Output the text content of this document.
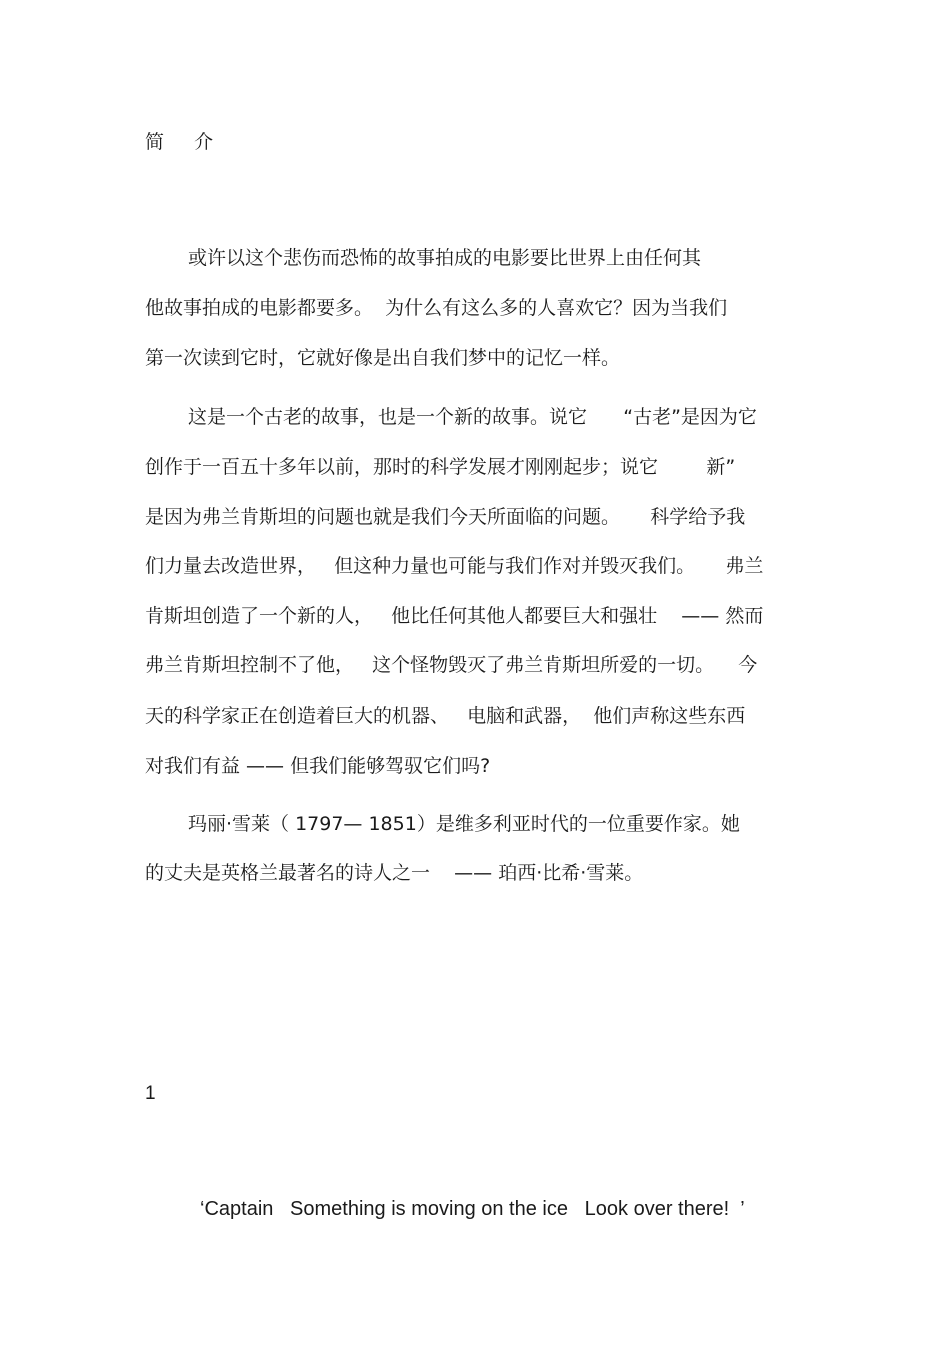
简  介
或许以这个悲伤而恐怖的故事拍成的电影要比世界上由任何其
他故事拍成的电影都要多。  为什么有这么多的人喜欢它？因为当我们
第一次读到它时，它就好像是出自我们梦中的记忆一样。
这是一个古老的故事，也是一个新的故事。说它      “古老”是因为它
创作于一百五十多年以前，那时的科学发展才刚刚起步；说它        新”
是因为弗兰肯斯坦的问题也就是我们今天所面临的问题。     科学给予我
们力量去改造世界，   但这种力量也可能与我们作对并毁灭我们。     弗兰
肯斯坦创造了一个新的人，   他比任何其他人都要巨大和强壮    —— 然而
弗兰肯斯坦控制不了他，   这个怪物毁灭了弗兰肯斯坦所爱的一切。    今
天的科学家正在创造着巨大的机器、   电脑和武器，  他们声称这些东西
对我们有益 —— 但我们能够驾驭它们吗?
玛丽·雪莱（ 1797— 1851）是维多利亚时代的一位重要作家。她
的丈夫是英格兰最著名的诗人之一    —— 珀西·比希·雪莱。
1
‘Captain   Something is moving on the ice   Look over there!  ’
